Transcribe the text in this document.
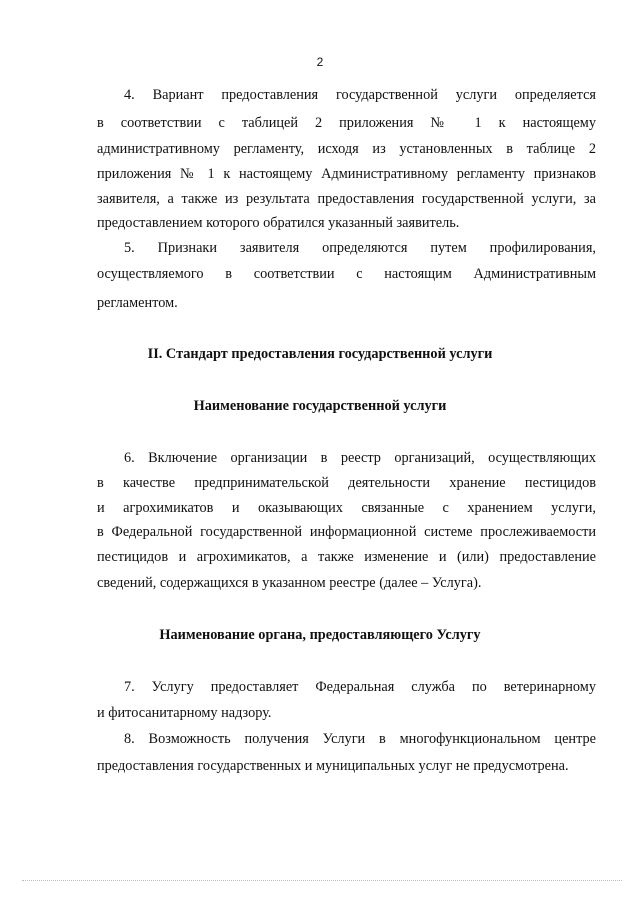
2
4. Вариант предоставления государственной услуги определяется
в соответствии с таблицей 2 приложения № 1 к настоящему
административному регламенту, исходя из установленных в таблице 2
приложения № 1 к настоящему Административному регламенту признаков
заявителя, а также из результата предоставления государственной услуги, за
предоставлением которого обратился указанный заявитель.
5. Признаки заявителя определяются путем профилирования,
осуществляемого в соответствии с настоящим Административным
регламентом.
II. Стандарт предоставления государственной услуги
Наименование государственной услуги
6. Включение организации в реестр организаций, осуществляющих
в качестве предпринимательской деятельности хранение пестицидов
и агрохимикатов и оказывающих связанные с хранением услуги,
в Федеральной государственной информационной системе прослеживаемости
пестицидов и агрохимикатов, а также изменение и (или) предоставление
сведений, содержащихся в указанном реестре (далее – Услуга).
Наименование органа, предоставляющего Услугу
7. Услугу предоставляет Федеральная служба по ветеринарному
и фитосанитарному надзору.
8. Возможность получения Услуги в многофункциональном центре
предоставления государственных и муниципальных услуг не предусмотрена.
